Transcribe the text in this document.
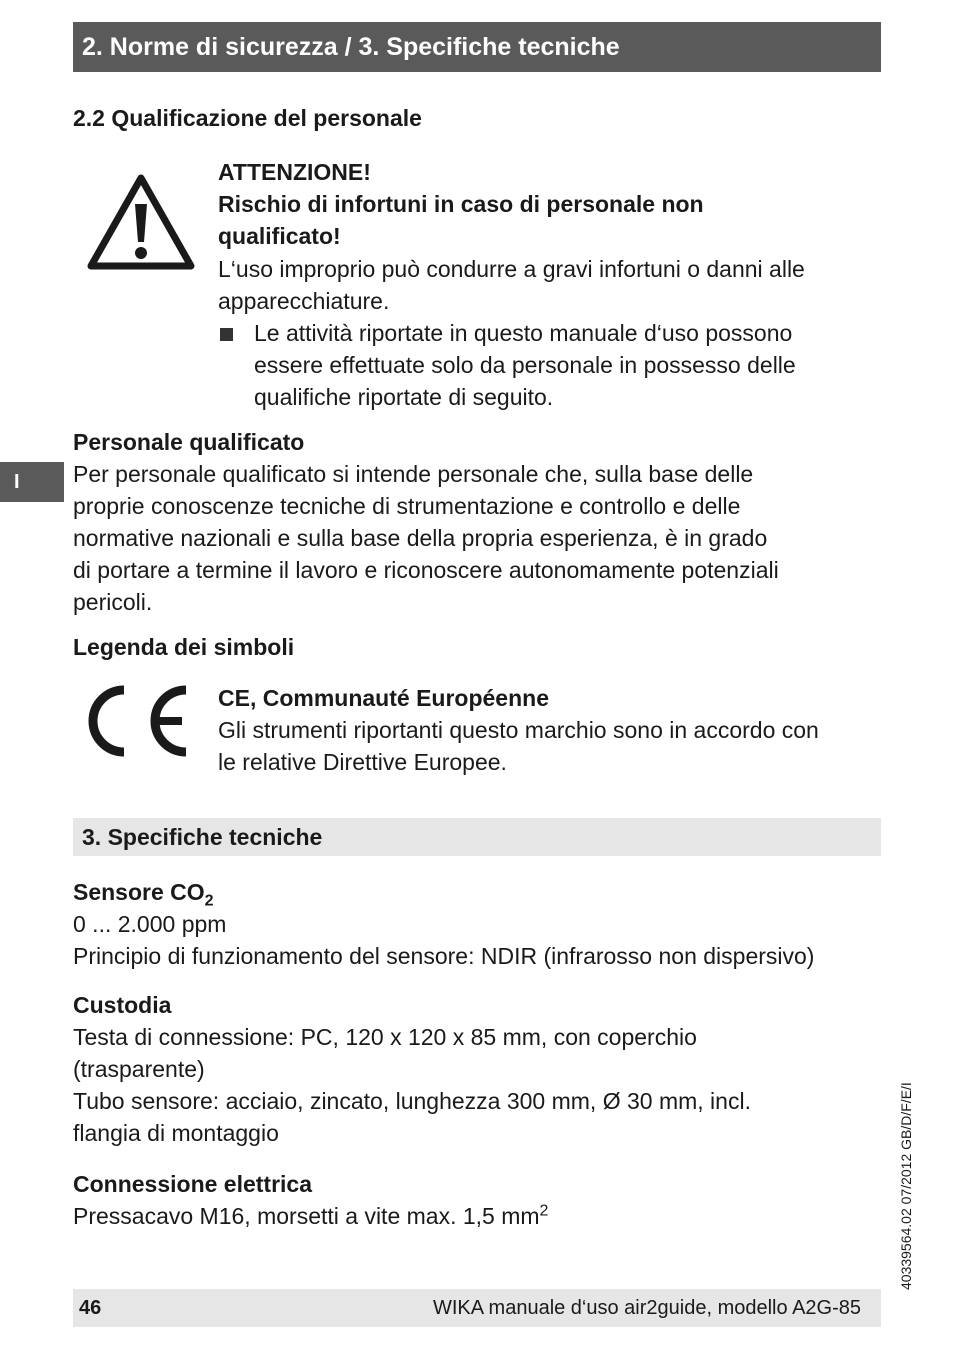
2. Norme di sicurezza / 3. Specifiche tecniche
2.2 Qualificazione del personale
ATTENZIONE!
Rischio di infortuni in caso di personale non
qualificato!
L‘uso improprio può condurre a gravi infortuni o danni alle
apparecchiature.
Le attività riportate in questo manuale d‘uso possono
essere effettuate solo da personale in possesso delle
qualifiche riportate di seguito.
Personale qualificato
I	Per personale qualificato si intende personale che, sulla base delle
proprie conoscenze tecniche di strumentazione e controllo e delle
normative nazionali e sulla base della propria esperienza, è in grado
di portare a termine il lavoro e riconoscere autonomamente potenziali
pericoli.
Legenda dei simboli
CE, Communauté Européenne
Gli strumenti riportanti questo marchio sono in accordo con
le relative Direttive Europee.
3. Specifiche tecniche
Sensore $CO_2$
0 ... 2.000 ppm
Principio di funzionamento del sensore: NDIR (infrarosso non dispersivo)
Custodia
Testa di connessione: PC, 120 x 120 x 85 mm, con coperchio
(trasparente)
Tubo sensore: acciaio, zincato, lunghezza 300 mm, Ø 30 mm, incl.
flangia di montaggio
Connessione elettrica
Pressacavo M16, morsetti a vite max. 1,5 $mm^2$	40339564.02 07/2012 GB/D/F/E/I
46	WIKA manuale d‘uso air2guide, modello A2G-85
